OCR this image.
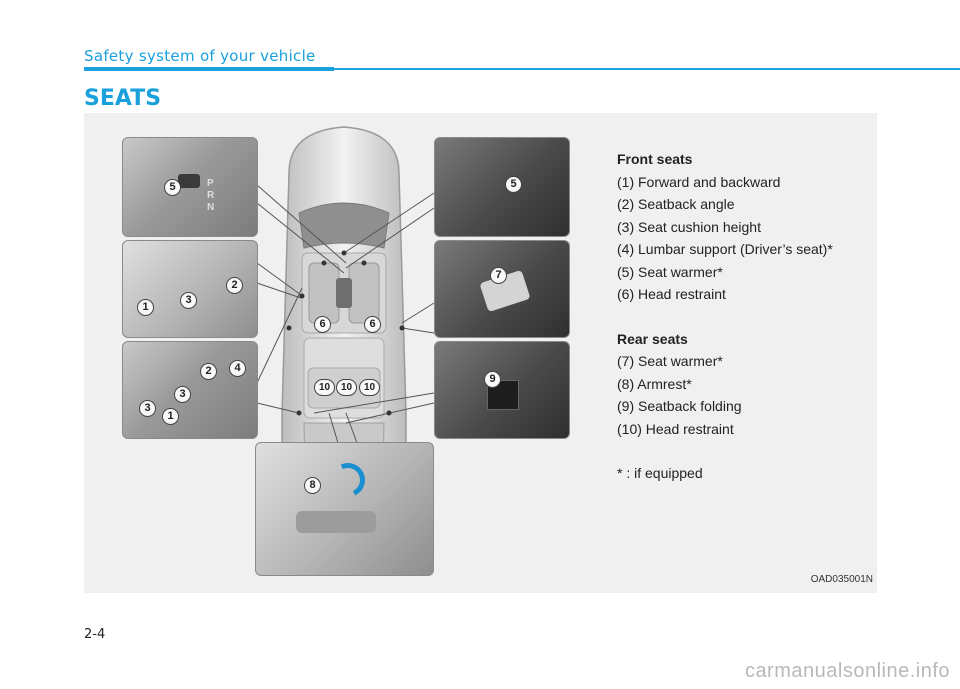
Safety system of your vehicle
SEATS
P R N
5
2
1
3
2	4
3
3
1
5
7
9
8
6	6
10	10	10
OAD035001N
Front seats
(1) Forward and backward
(2) Seatback angle
(3) Seat cushion height
(4) Lumbar support (Driver’s seat)*
(5) Seat warmer*
(6) Head restraint
Rear seats
(7) Seat warmer*
(8) Armrest*
(9) Seatback folding
(10) Head restraint
* : if equipped
2-4
carmanualsonline.info
